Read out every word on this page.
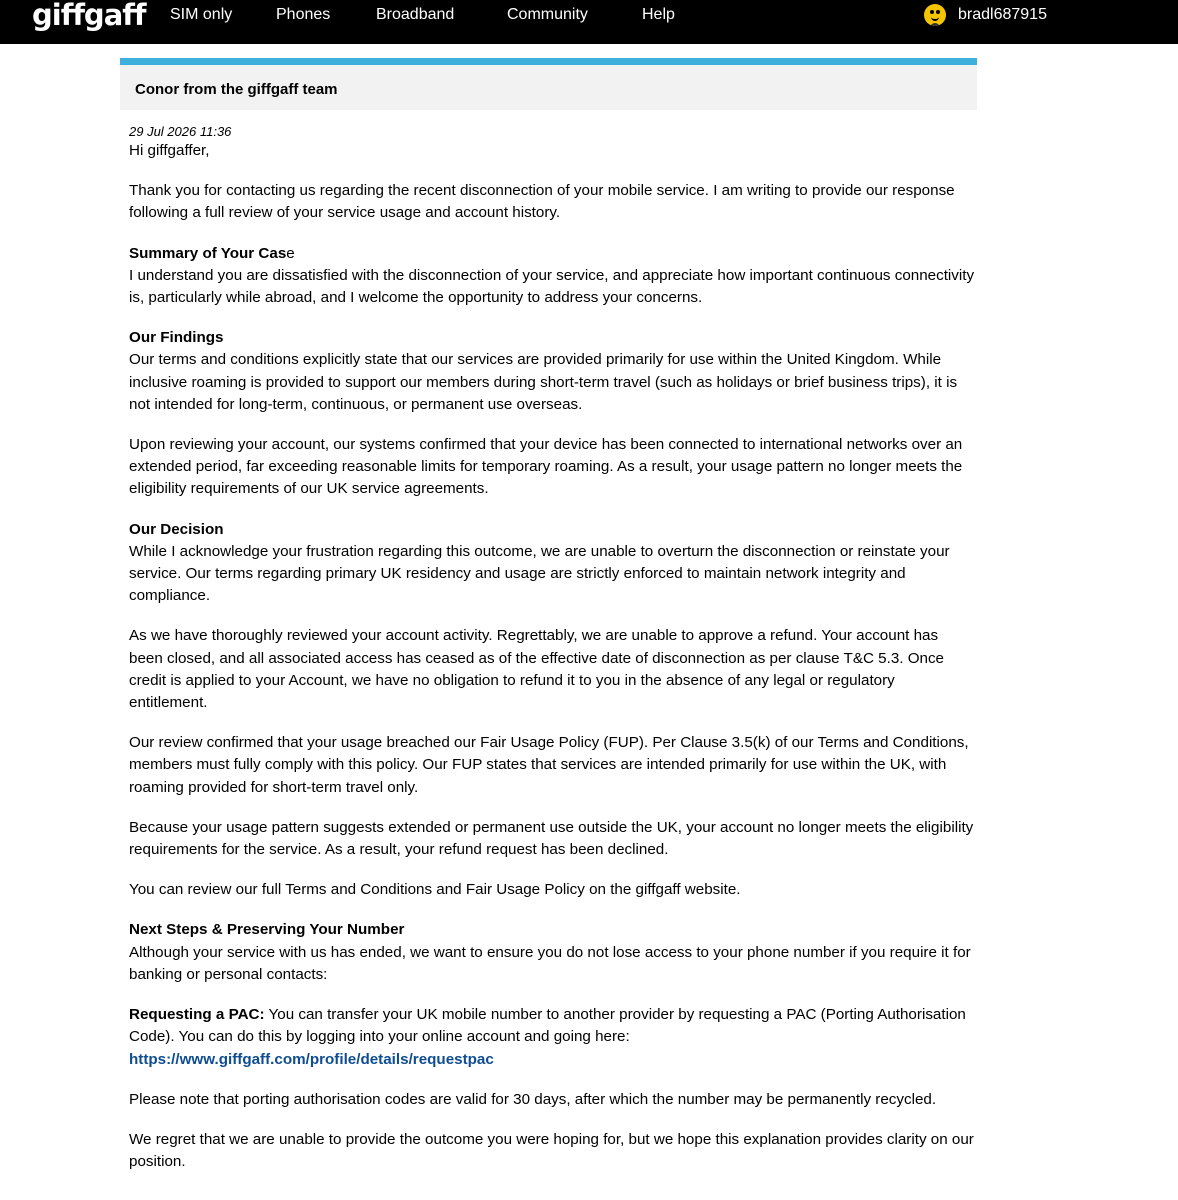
giffgaff SIM only	Phones	Broadband	Community	Help	bradl687915
Conor from the giffgaff team
29 Jul 2026 11:36
Hi giffgaffer,
Thank you for contacting us regarding the recent disconnection of your mobile service. I am writing to provide our response following a full review of your service usage and account history.
Summary of Your Case
I understand you are dissatisfied with the disconnection of your service, and appreciate how important continuous connectivity is, particularly while abroad, and I welcome the opportunity to address your concerns.
Our Findings
Our terms and conditions explicitly state that our services are provided primarily for use within the United Kingdom. While inclusive roaming is provided to support our members during short-term travel (such as holidays or brief business trips), it is not intended for long-term, continuous, or permanent use overseas.
Upon reviewing your account, our systems confirmed that your device has been connected to international networks over an extended period, far exceeding reasonable limits for temporary roaming. As a result, your usage pattern no longer meets the eligibility requirements of our UK service agreements.
Our Decision
While I acknowledge your frustration regarding this outcome, we are unable to overturn the disconnection or reinstate your service. Our terms regarding primary UK residency and usage are strictly enforced to maintain network integrity and compliance.
As we have thoroughly reviewed your account activity. Regrettably, we are unable to approve a refund. Your account has been closed, and all associated access has ceased as of the effective date of disconnection as per clause T&C 5.3. Once credit is applied to your Account, we have no obligation to refund it to you in the absence of any legal or regulatory entitlement.
Our review confirmed that your usage breached our Fair Usage Policy (FUP). Per Clause 3.5(k) of our Terms and Conditions, members must fully comply with this policy. Our FUP states that services are intended primarily for use within the UK, with roaming provided for short-term travel only.
Because your usage pattern suggests extended or permanent use outside the UK, your account no longer meets the eligibility requirements for the service. As a result, your refund request has been declined.
You can review our full Terms and Conditions and Fair Usage Policy on the giffgaff website.
Next Steps & Preserving Your Number
Although your service with us has ended, we want to ensure you do not lose access to your phone number if you require it for banking or personal contacts:
Requesting a PAC: You can transfer your UK mobile number to another provider by requesting a PAC (Porting Authorisation Code). You can do this by logging into your online account and going here:
https://www.giffgaff.com/profile/details/requestpac
Please note that porting authorisation codes are valid for 30 days, after which the number may be permanently recycled.
We regret that we are unable to provide the outcome you were hoping for, but we hope this explanation provides clarity on our position.
